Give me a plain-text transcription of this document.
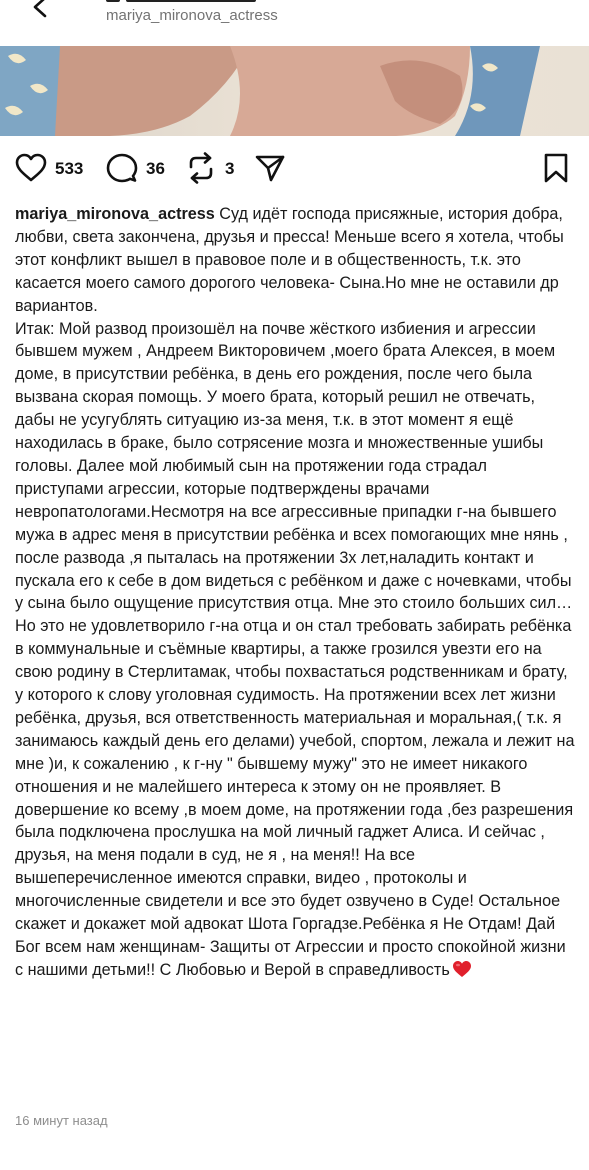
mariya_mironova_actress
533	36	3

mariya_mironova_actress Суд идёт господа присяжные, история добра, любви, света закончена, друзья и пресса! Меньше всего я хотела, чтобы этот конфликт вышел в правовое поле и в общественность, т.к. это касается моего самого дорогого человека- Сына.Но мне не оставили др вариантов.

Итак: Мой развод произошёл на почве жёсткого избиения и агрессии бывшем мужем , Андреем Викторовичем ,моего брата Алексея, в моем доме, в присутствии ребёнка, в день его рождения, после чего была вызвана скорая помощь. У моего брата, который решил не отвечать, дабы не усугублять ситуацию из-за меня, т.к. в этот момент я ещё находилась в браке, было сотрясение мозга и множественные ушибы головы. Далее мой любимый сын на протяжении года страдал приступами агрессии, которые подтверждены врачами невропатологами.Несмотря на все агрессивные припадки г-на бывшего мужа в адрес меня в присутствии ребёнка и всех помогающих мне нянь , после развода ,я пыталась на протяжении 3х лет,наладить контакт и пускала его к себе в дом видеться с ребёнком и даже с ночевками, чтобы у сына было ощущение присутствия отца. Мне это стоило больших сил… Но это не удовлетворило г-на отца и он стал требовать забирать ребёнка в коммунальные и съёмные квартиры, а также грозился увезти его на свою родину в Стерлитамак, чтобы похвастаться родственникам и брату, у которого к слову уголовная судимость. На протяжении всех лет жизни ребёнка, друзья, вся ответственность материальная и моральная,( т.к. я занимаюсь каждый день его делами) учебой, спортом, лежала и лежит на мне )и, к сожалению , к г-ну " бывшему мужу" это не имеет никакого отношения и не малейшего интереса к этому он не проявляет. В довершение ко всему ,в моем доме, на протяжении года ,без разрешения была подключена прослушка на мой личный гаджет Алиса. И сейчас , друзья, на меня подали в суд, не я , на меня!! На все вышеперечисленное имеются справки, видео , протоколы и многочисленные свидетели и все это будет озвучено в Суде! Остальное скажет и докажет мой адвокат Шота Горгадзе.Ребёнка я Не Отдам! Дай Бог всем нам женщинам- Защиты от Агрессии и просто спокойной жизни с нашими детьми!! С Любовью и Верой в справедливость

16 минут назад
